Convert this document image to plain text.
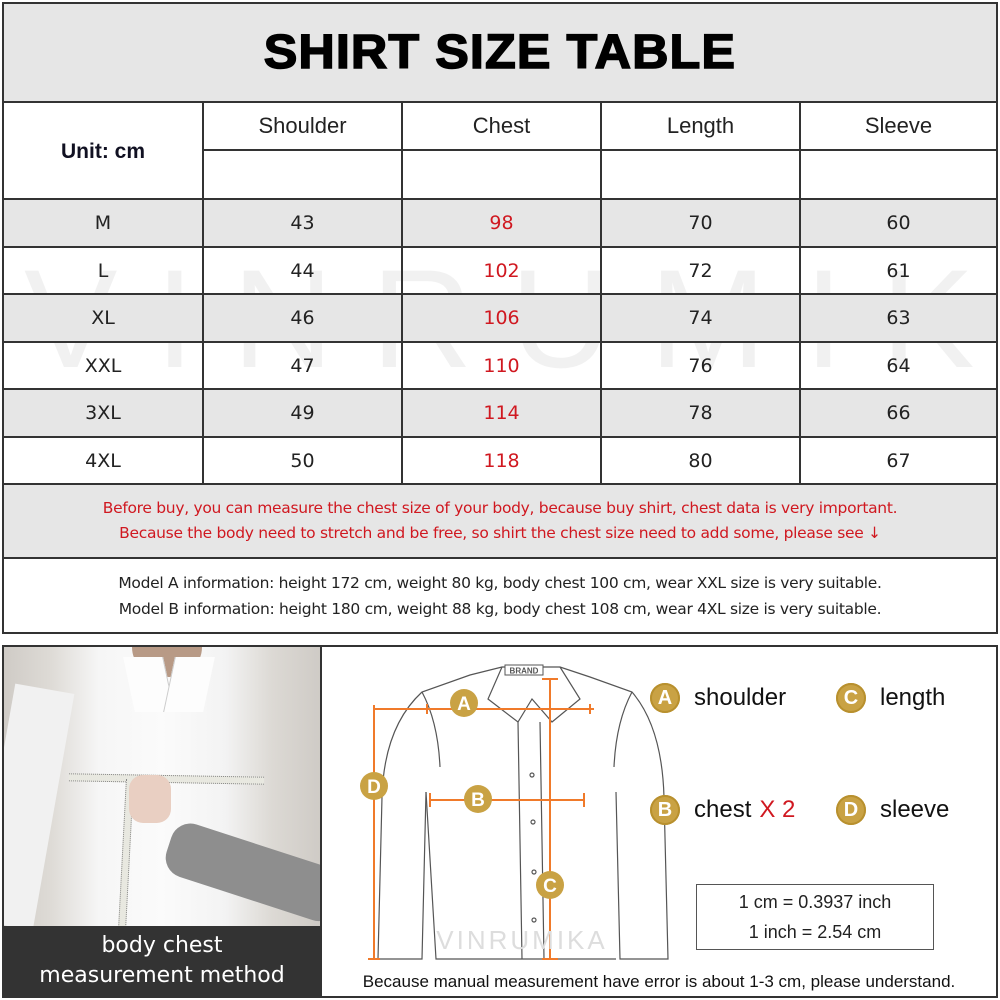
SHIRT SIZE TABLE
Unit: cm
Shoulder	Chest	Length	Sleeve
M	43	98	70	60
L	44	102	72	61
XL	46	106	74	63
XXL	47	110	76	64
3XL	49	114	78	66
4XL	50	118	80	67
Before buy, you can measure the chest size of your body, because buy shirt, chest data is very important.
Because the body need to stretch and be free, so shirt the chest size need to add some, please see ↓
Model A information: height 172 cm, weight 80 kg, body chest 100 cm, wear XXL size is very suitable.
Model B information: height 180 cm, weight 88 kg, body chest 108 cm, wear 4XL size is very suitable.
body chest
measurement method
BRAND
A
B
C
D
VINRUMIKA
A shoulder	C length
B chest X 2	D sleeve
1 cm = 0.3937 inch
1 inch = 2.54 cm
Because manual measurement have error is about 1-3 cm, please understand.
